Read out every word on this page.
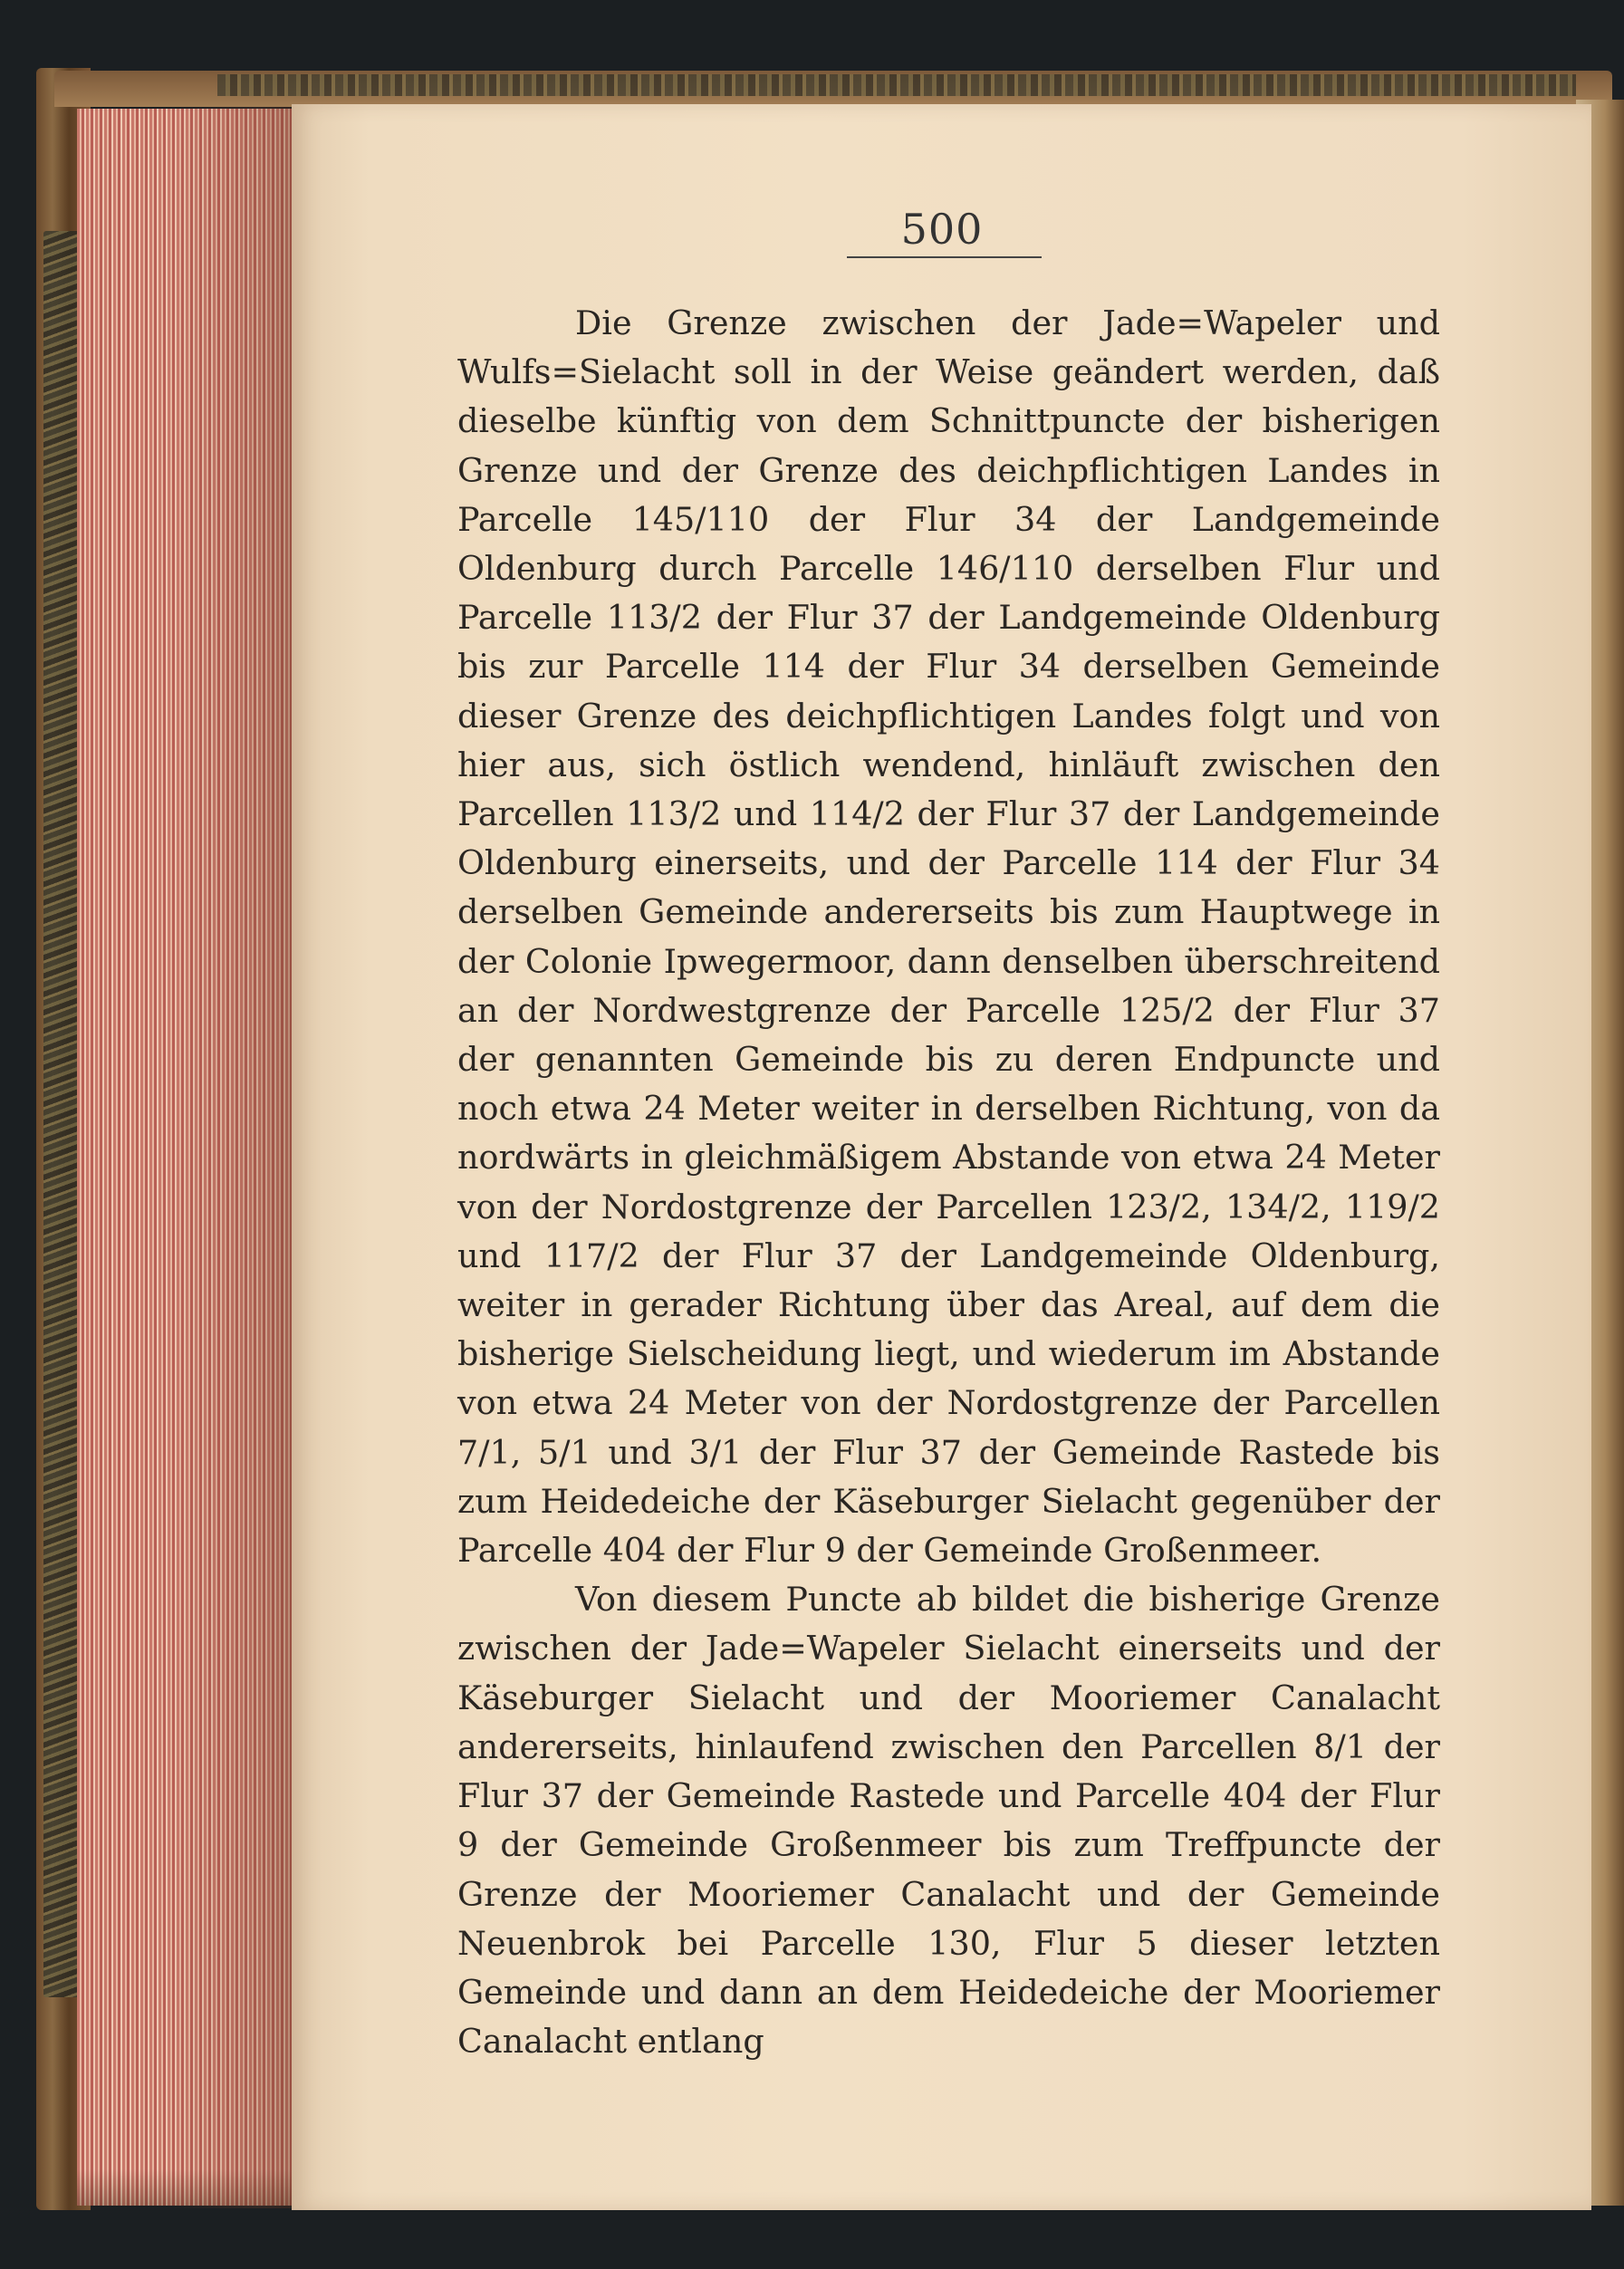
500

Die Grenze zwischen der Jade=Wapeler und Wulfs=Sielacht soll in der Weise geändert werden, daß dieselbe künftig von dem Schnittpuncte der bisherigen Grenze und der Grenze des deichpflichtigen Landes in Parcelle 145/110 der Flur 34 der Landgemeinde Oldenburg durch Parcelle 146/110 derselben Flur und Parcelle 113/2 der Flur 37 der Landgemeinde Oldenburg bis zur Parcelle 114 der Flur 34 derselben Gemeinde dieser Grenze des deichpflichtigen Landes folgt und von hier aus, sich östlich wendend, hinläuft zwischen den Parcellen 113/2 und 114/2 der Flur 37 der Landgemeinde Oldenburg einerseits, und der Parcelle 114 der Flur 34 derselben Gemeinde andererseits bis zum Hauptwege in der Colonie Ipwegermoor, dann denselben überschreitend an der Nordwestgrenze der Parcelle 125/2 der Flur 37 der genannten Gemeinde bis zu deren Endpuncte und noch etwa 24 Meter weiter in derselben Richtung, von da nordwärts in gleichmäßigem Abstande von etwa 24 Meter von der Nordostgrenze der Parcellen 123/2, 134/2, 119/2 und 117/2 der Flur 37 der Landgemeinde Oldenburg, weiter in gerader Richtung über das Areal, auf dem die bisherige Sielscheidung liegt, und wiederum im Abstande von etwa 24 Meter von der Nordostgrenze der Parcellen 7/1, 5/1 und 3/1 der Flur 37 der Gemeinde Rastede bis zum Heidedeiche der Käseburger Sielacht gegenüber der Parcelle 404 der Flur 9 der Gemeinde Großenmeer.

Von diesem Puncte ab bildet die bisherige Grenze zwischen der Jade=Wapeler Sielacht einerseits und der Käseburger Sielacht und der Mooriemer Canalacht andererseits, hinlaufend zwischen den Parcellen 8/1 der Flur 37 der Gemeinde Rastede und Parcelle 404 der Flur 9 der Gemeinde Großenmeer bis zum Treffpuncte der Grenze der Mooriemer Canalacht und der Gemeinde Neuenbrok bei Parcelle 130, Flur 5 dieser letzten Gemeinde und dann an dem Heidedeiche der Mooriemer Canalacht entlang
